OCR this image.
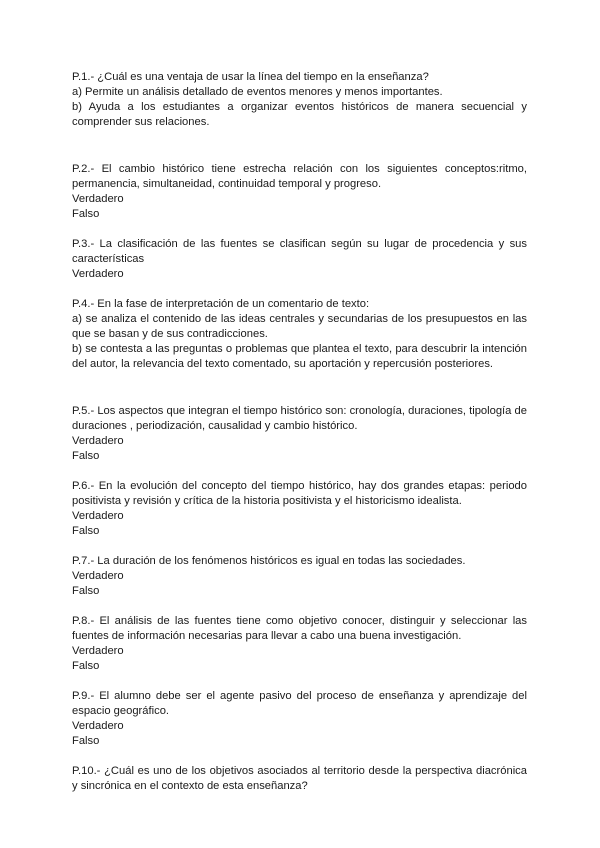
P.1.- ¿Cuál es una ventaja de usar la línea del tiempo en la enseñanza?

a) Permite un análisis detallado de eventos menores y menos importantes.

b) Ayuda a los estudiantes a organizar eventos históricos de manera secuencial y comprender sus relaciones.

P.2.- El cambio histórico tiene estrecha relación con los siguientes conceptos:ritmo, permanencia, simultaneidad, continuidad temporal y progreso.

Verdadero

Falso

P.3.- La clasificación de las fuentes se clasifican según su lugar de procedencia y sus características

Verdadero

P.4.- En la fase de interpretación de un comentario de texto:

a) se analiza el contenido de las ideas centrales y secundarias de los presupuestos en las que se basan y de sus contradicciones.

b) se contesta a las preguntas o problemas que plantea el texto, para descubrir la intención del autor, la relevancia del texto comentado, su aportación y repercusión posteriores.

P.5.- Los aspectos que integran el tiempo histórico son: cronología, duraciones, tipología de duraciones , periodización, causalidad y cambio histórico.

Verdadero

Falso

P.6.- En la evolución del concepto del tiempo histórico, hay dos grandes etapas: periodo positivista y revisión y crítica de la historia positivista y el historicismo idealista.

Verdadero

Falso

P.7.- La duración de los fenómenos históricos es igual en todas las sociedades.

Verdadero

Falso

P.8.- El análisis de las fuentes tiene como objetivo conocer, distinguir y seleccionar las fuentes de información necesarias para llevar a cabo una buena investigación.

Verdadero

Falso

P.9.- El alumno debe ser el agente pasivo del proceso de enseñanza y aprendizaje del espacio geográfico.

Verdadero

Falso

P.10.- ¿Cuál es uno de los objetivos asociados al territorio desde la perspectiva diacrónica y sincrónica en el contexto de esta enseñanza?
